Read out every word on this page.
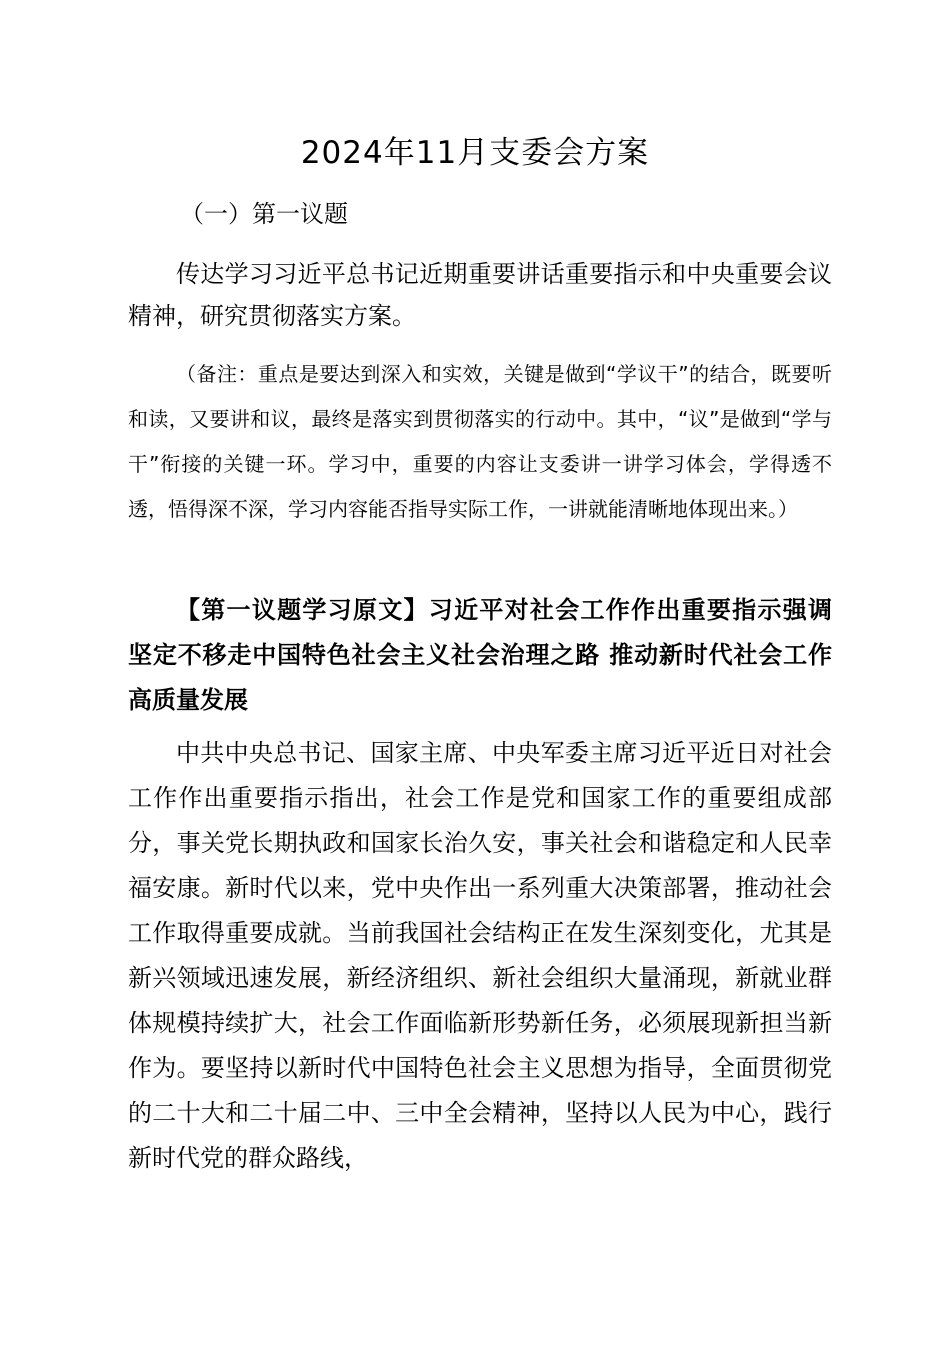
2024年11月支委会方案
（一）第一议题

传达学习习近平总书记近期重要讲话重要指示和中央重要会议精神，研究贯彻落实方案。

（备注：重点是要达到深入和实效，关键是做到“学议干”的结合，既要听和读，又要讲和议，最终是落实到贯彻落实的行动中。其中，“议”是做到“学与干”衔接的关键一环。学习中，重要的内容让支委讲一讲学习体会，学得透不透，悟得深不深，学习内容能否指导实际工作，一讲就能清晰地体现出来。）

【第一议题学习原文】习近平对社会工作作出重要指示强调 坚定不移走中国特色社会主义社会治理之路 推动新时代社会工作高质量发展

中共中央总书记、国家主席、中央军委主席习近平近日对社会工作作出重要指示指出，社会工作是党和国家工作的重要组成部分，事关党长期执政和国家长治久安，事关社会和谐稳定和人民幸福安康。新时代以来，党中央作出一系列重大决策部署，推动社会工作取得重要成就。当前我国社会结构正在发生深刻变化，尤其是新兴领域迅速发展，新经济组织、新社会组织大量涌现，新就业群体规模持续扩大，社会工作面临新形势新任务，必须展现新担当新作为。要坚持以新时代中国特色社会主义思想为指导，全面贯彻党的二十大和二十届二中、三中全会精神，坚持以人民为中心，践行新时代党的群众路线，
